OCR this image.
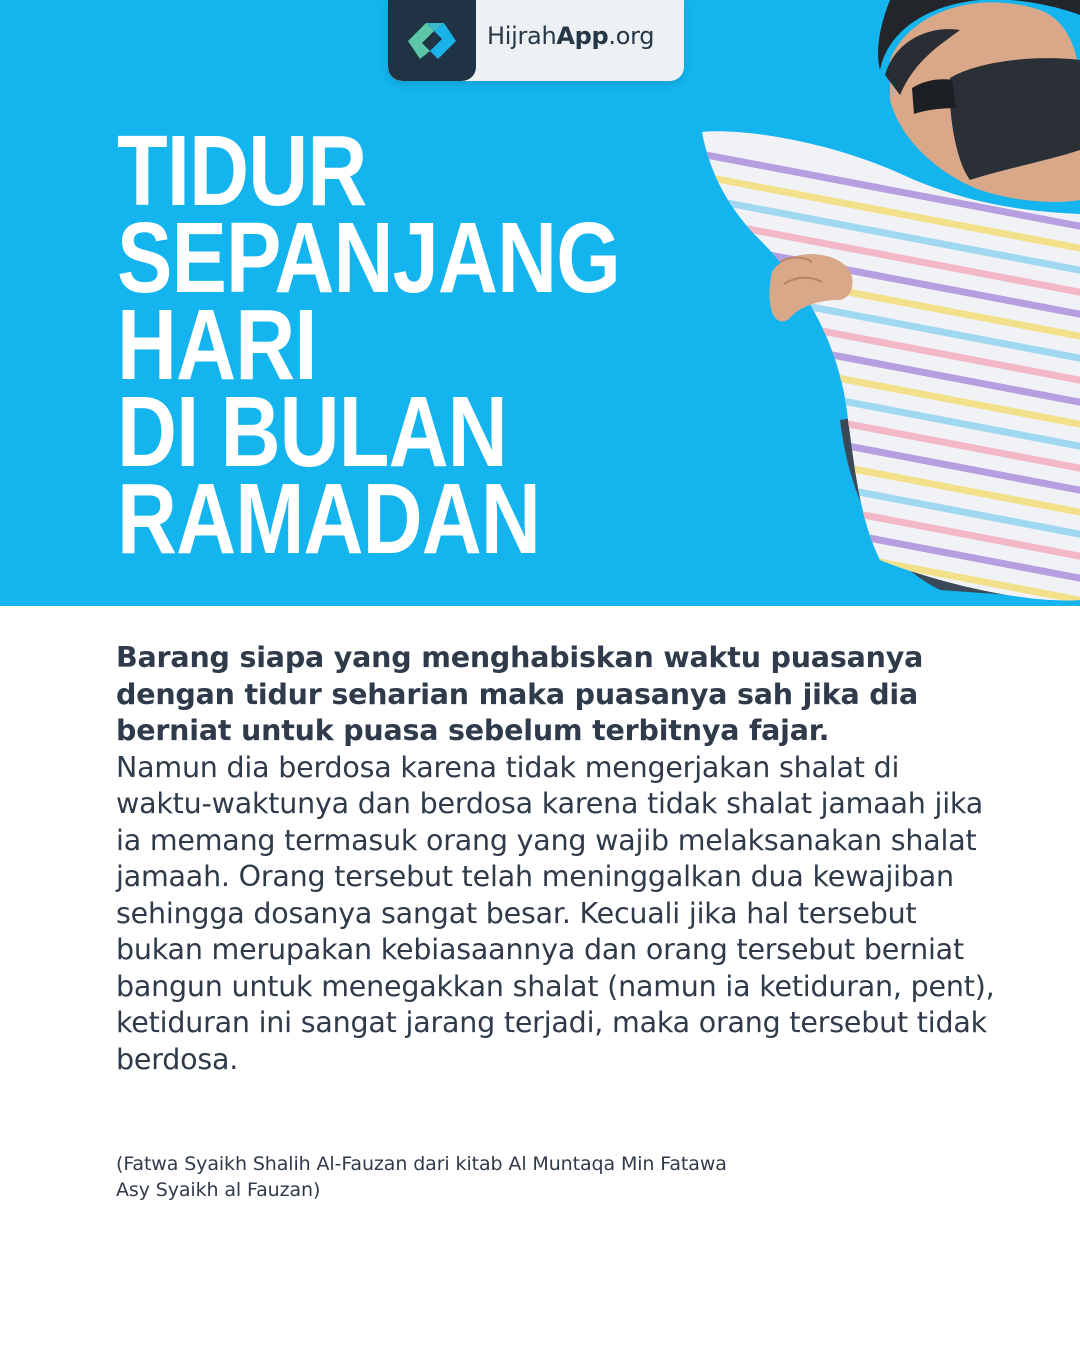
HijrahApp.org
TIDUR
SEPANJANG
HARI
DI BULAN
RAMADAN

Barang siapa yang menghabiskan waktu puasanya dengan tidur seharian maka puasanya sah jika dia berniat untuk puasa sebelum terbitnya fajar.

Namun dia berdosa karena tidak mengerjakan shalat di waktu-waktunya dan berdosa karena tidak shalat jamaah jika ia memang termasuk orang yang wajib melaksanakan shalat jamaah. Orang tersebut telah meninggalkan dua kewajiban sehingga dosanya sangat besar. Kecuali jika hal tersebut bukan merupakan kebiasaannya dan orang tersebut berniat bangun untuk menegakkan shalat (namun ia ketiduran, pent), ketiduran ini sangat jarang terjadi, maka orang tersebut tidak berdosa.

(Fatwa Syaikh Shalih Al-Fauzan dari kitab Al Muntaqa Min Fatawa
Asy Syaikh al Fauzan)
